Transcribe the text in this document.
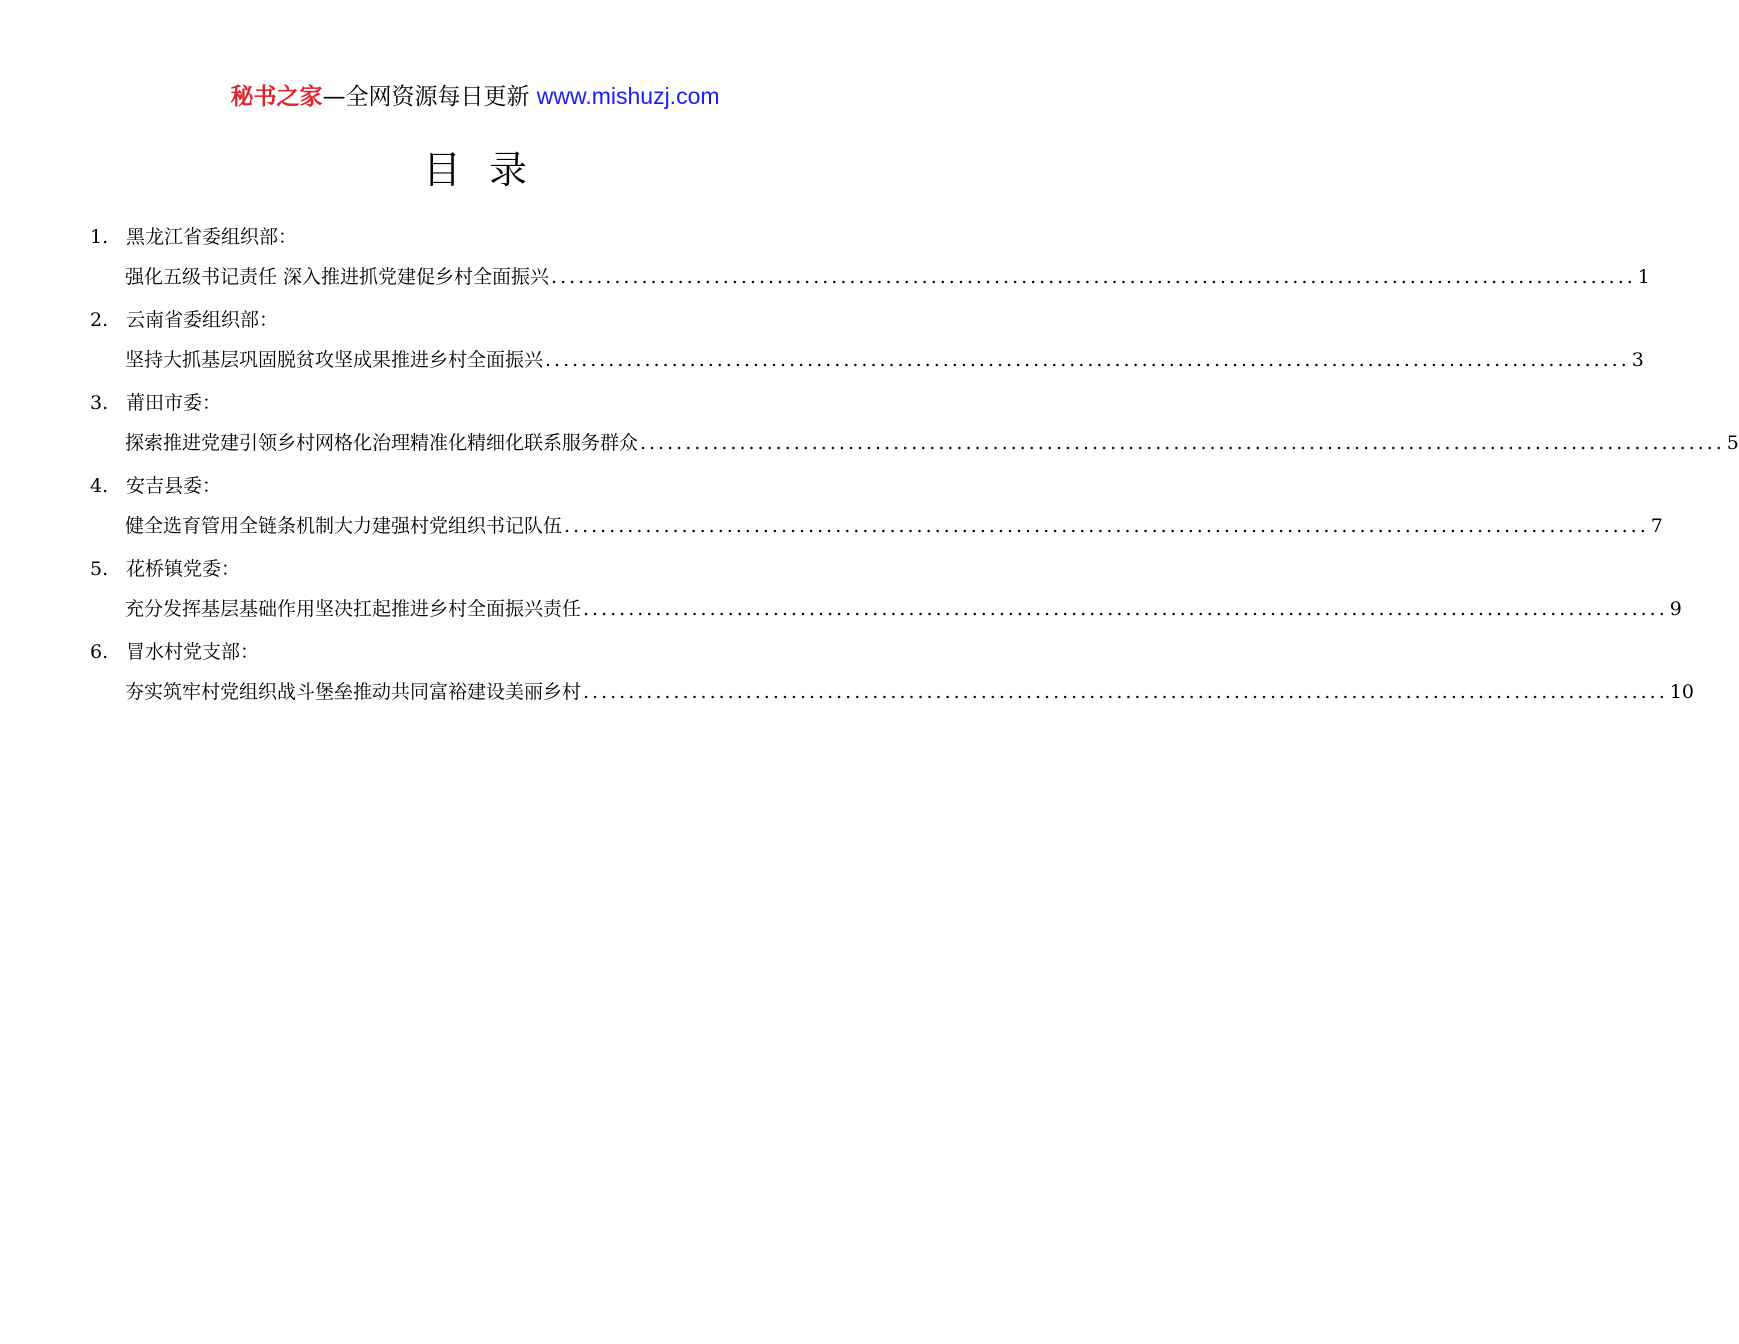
秘书之家—全网资源每日更新 www.mishuzj.com
目录
1. 黑龙江省委组织部：
强化五级书记责任 深入推进抓党建促乡村全面振兴 ........................................................................................................................ 1
2. 云南省委组织部：
坚持大抓基层巩固脱贫攻坚成果推进乡村全面振兴 ........................................................................................................................ 3
3. 莆田市委：
探索推进党建引领乡村网格化治理精准化精细化联系服务群众 ........................................................................................................................ 5
4. 安吉县委：
健全选育管用全链条机制大力建强村党组织书记队伍 ........................................................................................................................ 7
5. 花桥镇党委：
充分发挥基层基础作用坚决扛起推进乡村全面振兴责任 ........................................................................................................................ 9
6. 冒水村党支部：
夯实筑牢村党组织战斗堡垒推动共同富裕建设美丽乡村 ........................................................................................................................ 10
